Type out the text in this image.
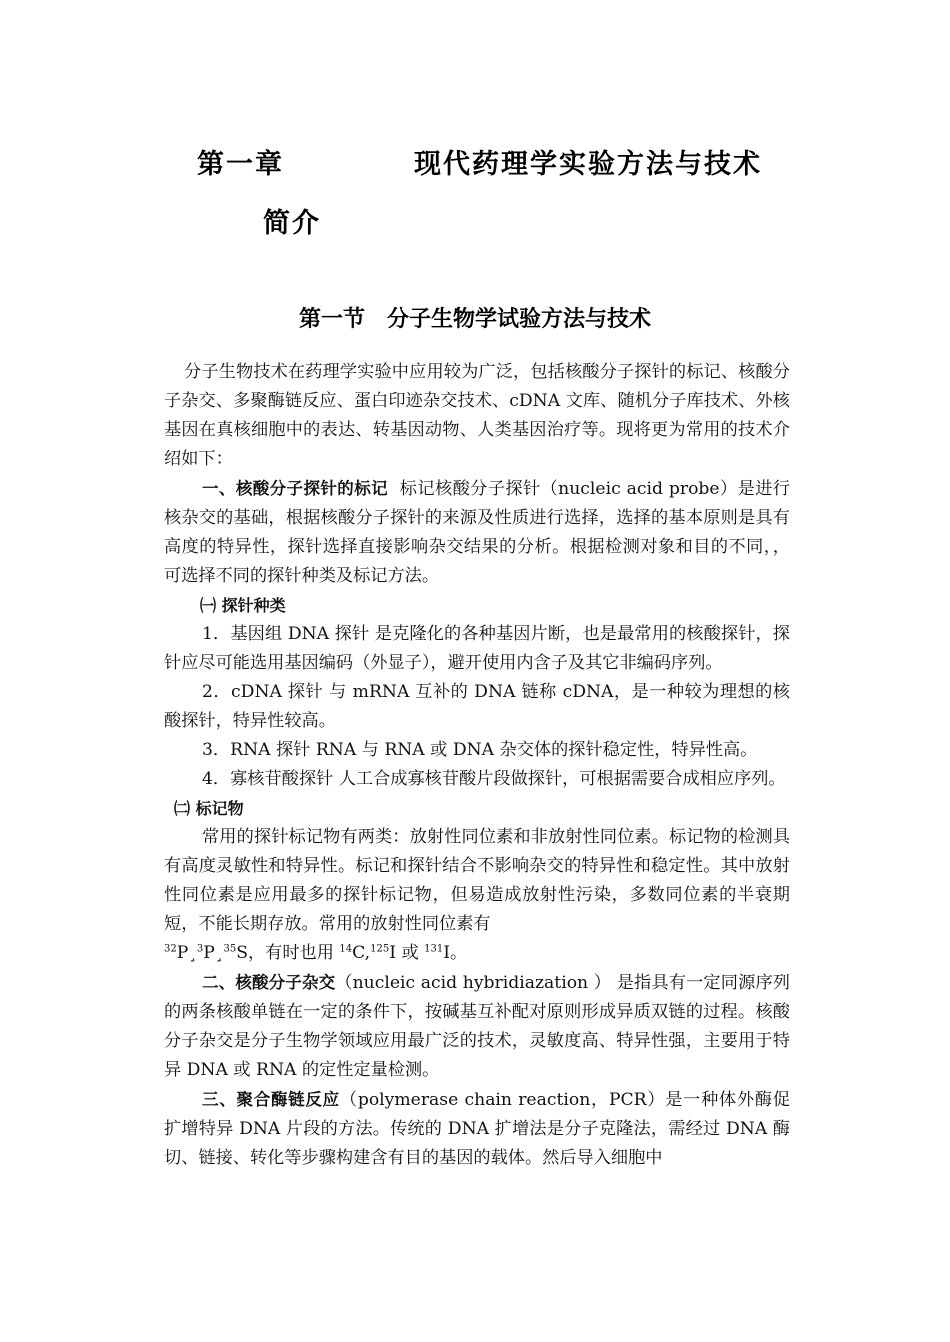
第一章	现代药理学实验方法与技术
简介
第一节 分子生物学试验方法与技术

分子生物技术在药理学实验中应用较为广泛，包括核酸分子探针的标记、核酸分子杂交、多聚酶链反应、蛋白印迹杂交技术、cDNA 文库、随机分子库技术、外核基因在真核细胞中的表达、转基因动物、人类基因治疗等。现将更为常用的技术介绍如下：

一、核酸分子探针的标记 标记核酸分子探针（nucleic acid probe）是进行核杂交的基础，根据核酸分子探针的来源及性质进行选择，选择的基本原则是具有高度的特异性，探针选择直接影响杂交结果的分析。根据检测对象和目的不同，，可选择不同的探针种类及标记方法。

㈠ 探针种类

1．基因组 DNA 探针 是克隆化的各种基因片断，也是最常用的核酸探针，探针应尽可能选用基因编码（外显子），避开使用内含子及其它非编码序列。

2．cDNA 探针 与 mRNA 互补的 DNA 链称 cDNA，是一种较为理想的核酸探针，特异性较高。

3．RNA 探针 RNA 与 RNA 或 DNA 杂交体的探针稳定性，特异性高。

4．寡核苷酸探针 人工合成寡核苷酸片段做探针，可根据需要合成相应序列。

㈡ 标记物

常用的探针标记物有两类：放射性同位素和非放射性同位素。标记物的检测具有高度灵敏性和特异性。标记和探针结合不影响杂交的特异性和稳定性。其中放射性同位素是应用最多的探针标记物，但易造成放射性污染，多数同位素的半衰期短，不能长期存放。常用的放射性同位素有
$^{32}$P¸$^3$P¸$^{35}$S，有时也用 $^{14}$C,$^{125}$I 或 $^{131}$I。

二、核酸分子杂交（nucleic acid hybridiazation ） 是指具有一定同源序列的两条核酸单链在一定的条件下，按碱基互补配对原则形成异质双链的过程。核酸分子杂交是分子生物学领域应用最广泛的技术，灵敏度高、特异性强，主要用于特异 DNA 或 RNA 的定性定量检测。

三、聚合酶链反应（polymerase chain reaction，PCR）是一种体外酶促扩增特异 DNA 片段的方法。传统的 DNA 扩增法是分子克隆法，需经过 DNA 酶切、链接、转化等步骤构建含有目的基因的载体。然后导入细胞中
